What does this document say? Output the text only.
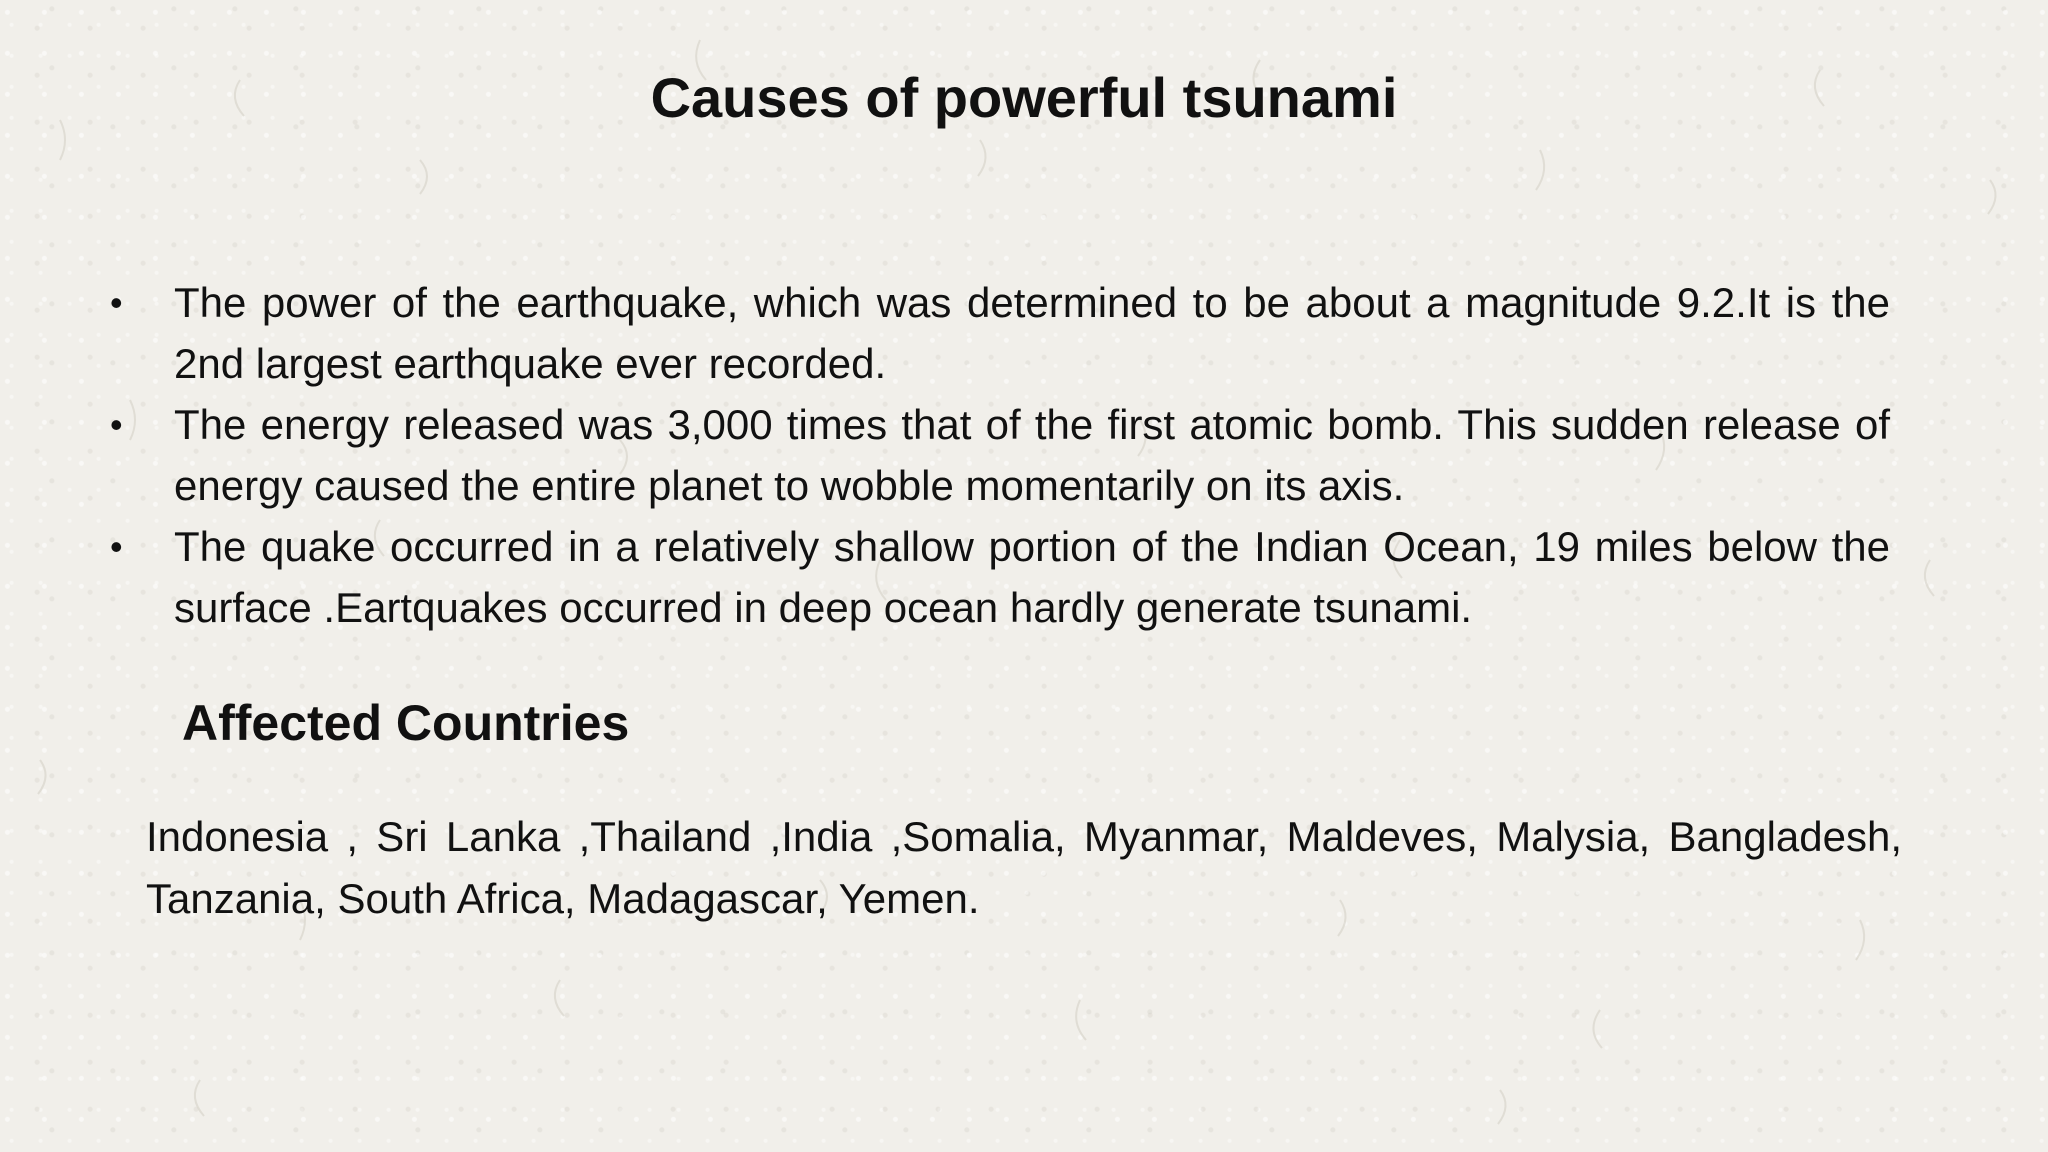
Causes of powerful tsunami
•	The power of the earthquake, which was determined to be about a magnitude 9.2.It is the 2nd largest earthquake ever recorded.
•	The energy released was 3,000 times that of the first atomic bomb. This sudden release of energy caused the entire planet to wobble momentarily on its axis.
•	The quake occurred in a relatively shallow portion of the Indian Ocean, 19 miles below the surface .Eartquakes occurred in deep ocean hardly generate tsunami.
Affected Countries

Indonesia , Sri Lanka ,Thailand ,India ,Somalia, Myanmar, Maldeves, Malysia, Bangladesh, Tanzania, South Africa, Madagascar, Yemen.
